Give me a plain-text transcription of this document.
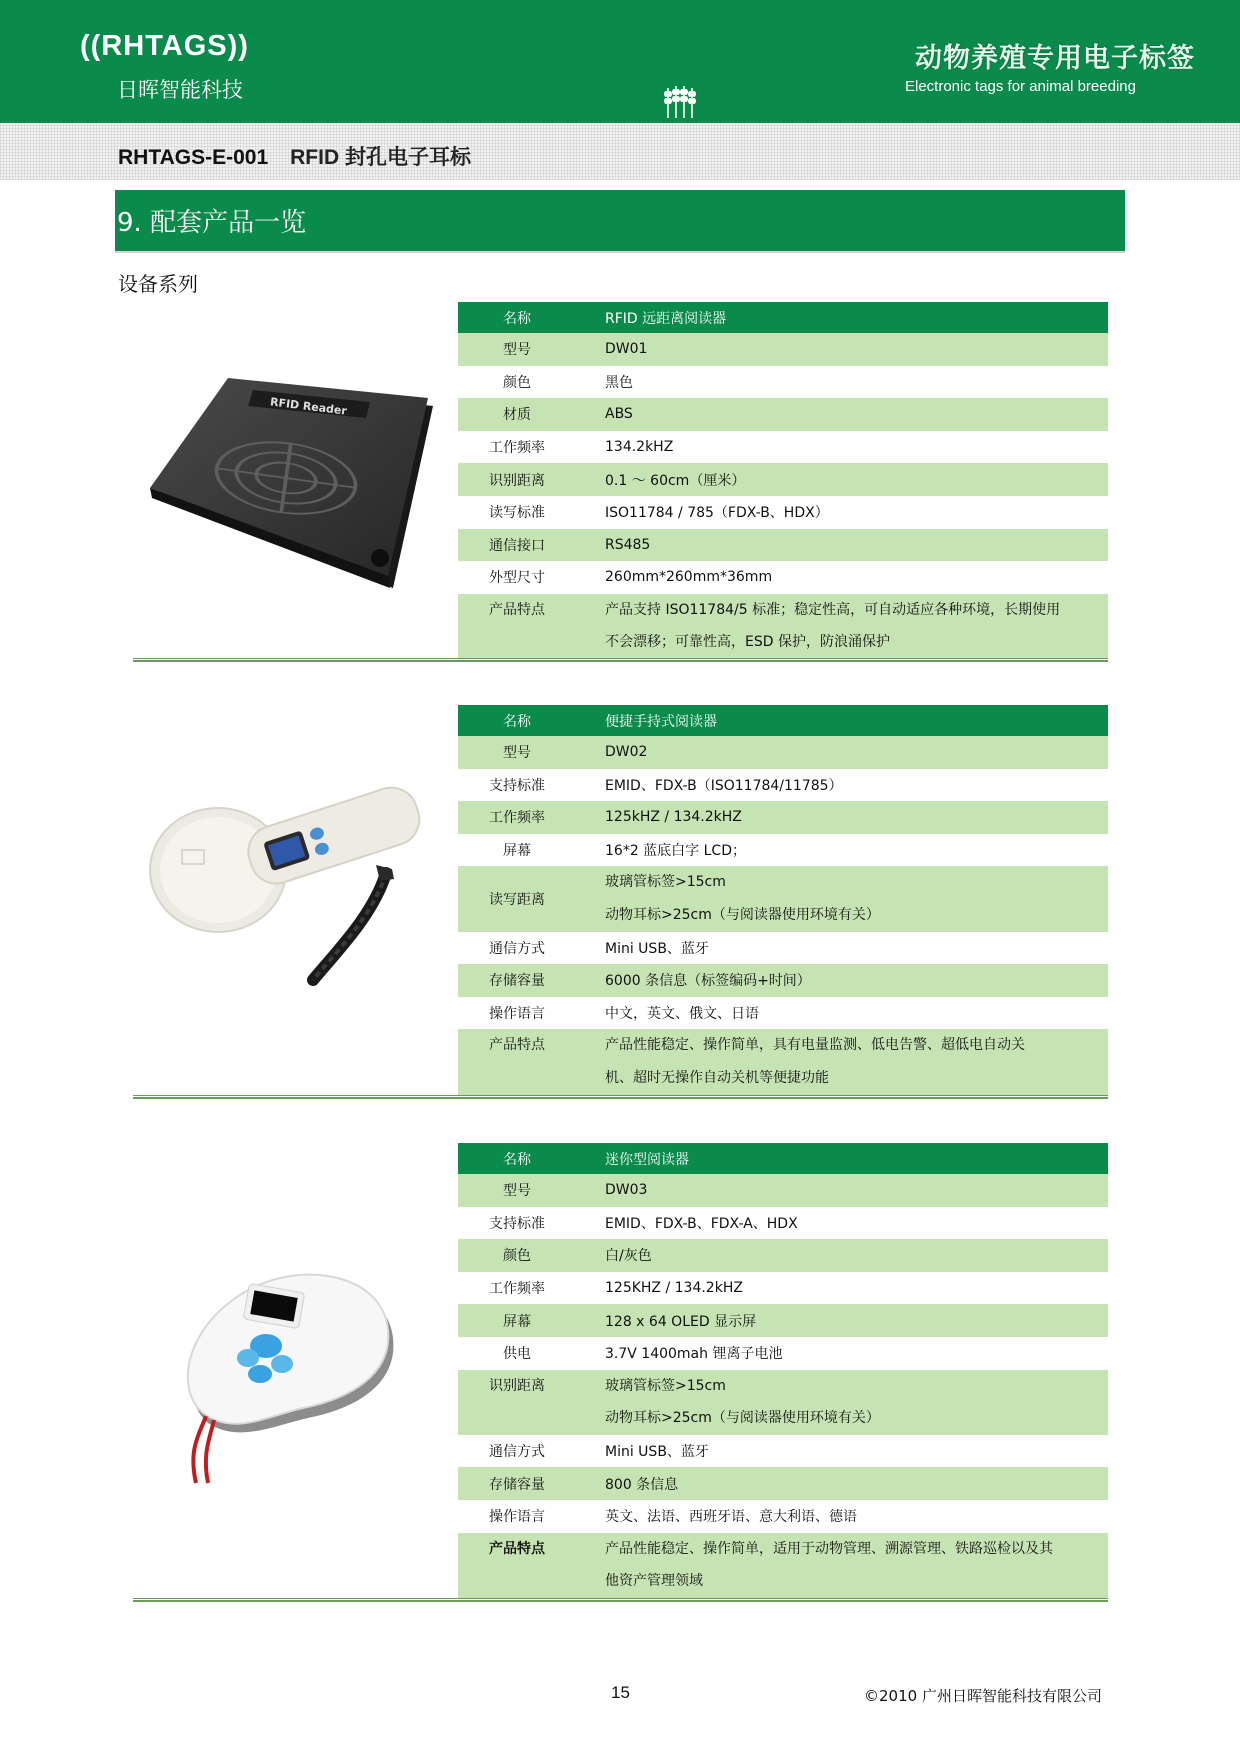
((RHTAGS))
日晖智能科技
动物养殖专用电子标签
Electronic tags for animal breeding
RHTAGS-E-001 RFID 封孔电子耳标
9. 配套产品一览
设备系列
RFID Reader
名称	RFID 远距离阅读器
型号	DW01
颜色	黑色
材质	ABS
工作频率	134.2kHZ
识别距离	0.1 ～ 60cm（厘米）
读写标准	ISO11784 / 785（FDX-B、HDX）
通信接口	RS485
外型尺寸	260mm*260mm*36mm

产品特点	产品支持 ISO11784/5 标准；稳定性高，可自动适应各种环境，长期使用
不会漂移；可靠性高，ESD 保护，防浪涌保护
名称	便捷手持式阅读器
型号	DW02
支持标准	EMID、FDX-B（ISO11784/11785）
工作频率	125kHZ / 134.2kHZ
屏幕	16*2 蓝底白字 LCD；
读写距离	玻璃管标签>15cm
动物耳标>25cm（与阅读器使用环境有关）

通信方式	Mini USB、蓝牙
存储容量	6000 条信息（标签编码+时间）
操作语言	中文，英文、俄文、日语

产品特点	产品性能稳定、操作简单，具有电量监测、低电告警、超低电自动关
机、超时无操作自动关机等便捷功能
名称	迷你型阅读器
型号	DW03
支持标准	EMID、FDX-B、FDX-A、HDX
颜色	白/灰色
工作频率	125KHZ / 134.2kHZ
屏幕	128 x 64 OLED 显示屏
供电	3.7V 1400mah 锂离子电池

识别距离	玻璃管标签>15cm
动物耳标>25cm（与阅读器使用环境有关）

通信方式	Mini USB、蓝牙
存储容量	800 条信息
操作语言	英文、法语、西班牙语、意大利语、德语

产品特点	产品性能稳定、操作简单，适用于动物管理、溯源管理、铁路巡检以及其
他资产管理领域
15	©2010 广州日晖智能科技有限公司
